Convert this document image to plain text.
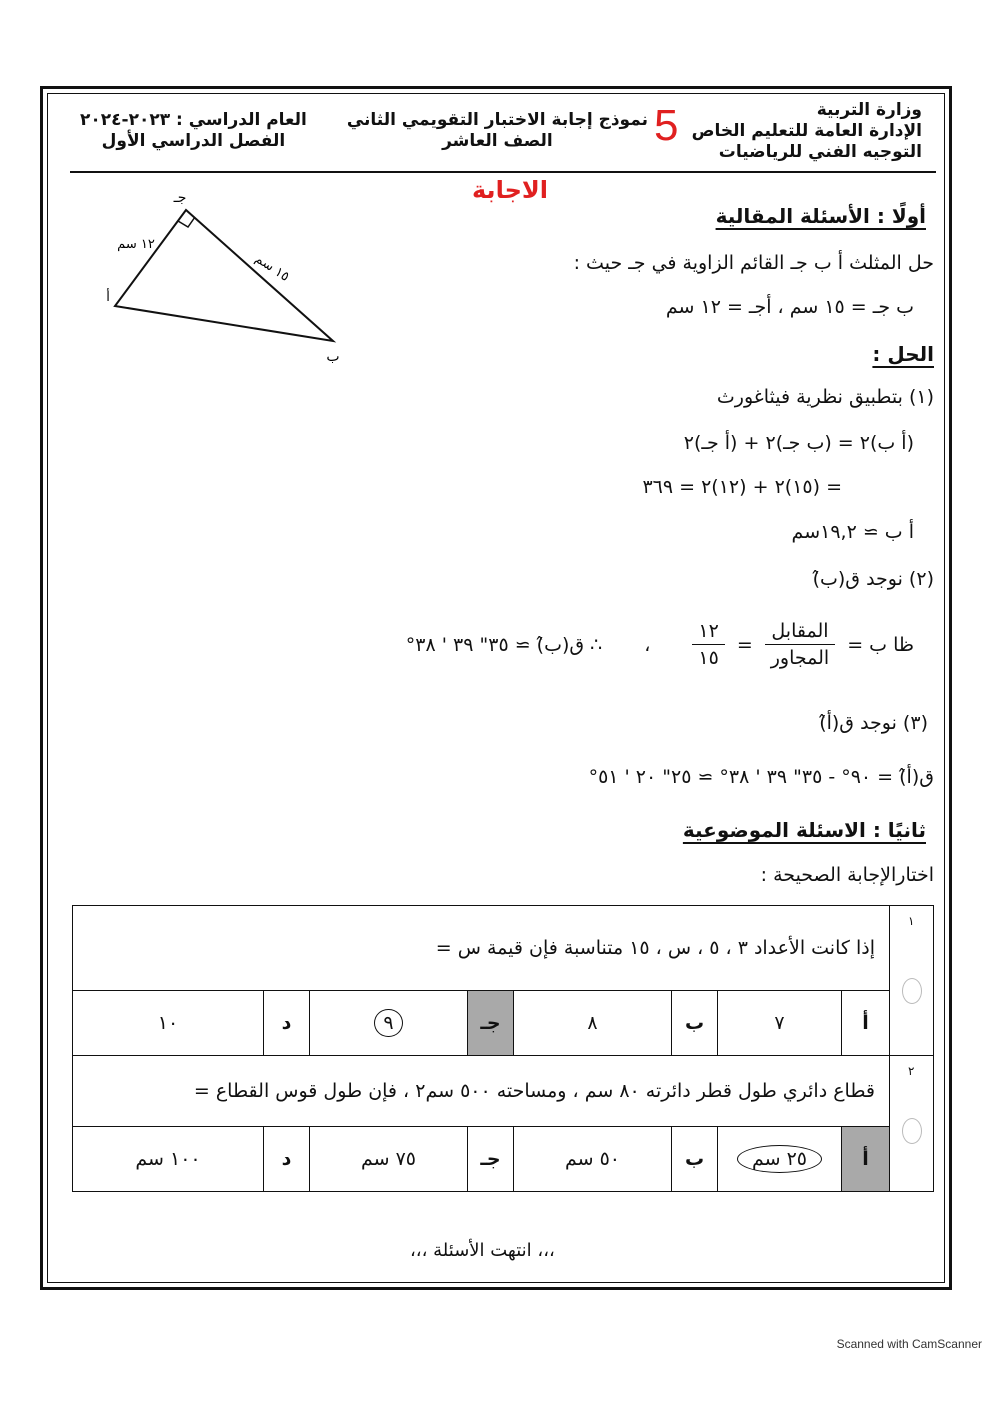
وزارة التربية
الإدارة العامة للتعليم الخاص
التوجيه الفني للرياضيات
5
نموذج إجابة الاختبار التقويمي الثاني
الصف العاشر
العام الدراسي : ٢٠٢٣-٢٠٢٤
الفصل الدراسي الأول
الاجابة
جـ
أ
ب
١٢ سم
١٥ سم
أولًا : الأسئلة المقالية
حل المثلث أ ب جـ القائم الزاوية في جـ حيث :
ب جـ = ١٥ سم ، أجـ = ١٢ سم
الحل :
(١) بتطبيق نظرية فيثاغورث
(أ ب)٢ = (ب جـ)٢ + (أ جـ)٢
= (١٥)٢ + (١٢)٢ = ٣٦٩
أ ب ≃ ١٩,٢سم
(٢) نوجد ق(ب̂)
ظا ب =
$\frac{\text{المقابل}}{\text{المجاور}}$
=
$\frac{١٢}{١٥}$
،
∴ ق(ب̂) ≃ ٣٥" ٣٩ ' ٣٨°
(٣) نوجد ق(أ̂)
ق(أ̂) = ٩٠° - ٣٥" ٣٩ ' ٣٨° ≃ ٢٥" ٢٠ ' ٥١°
ثانيًا : الاسئلة الموضوعية
اختارالإجابة الصحيحة :
١	إذا كانت الأعداد ٣ ، ٥ ، س ، ١٥ متناسبة فإن قيمة س =							
	أ	٧	ب	٨	جـ	٩	د	١٠

٢	قطاع دائري طول قطر دائرته ٨٠ سم ، ومساحته ٥٠٠ سم٢ ، فإن طول قوس القطاع =							
	أ	٢٥ سم	ب	٥٠ سم	جـ	٧٥ سم	د	١٠٠ سم
،،، انتهت الأسئلة ،،،
Scanned with CamScanner
